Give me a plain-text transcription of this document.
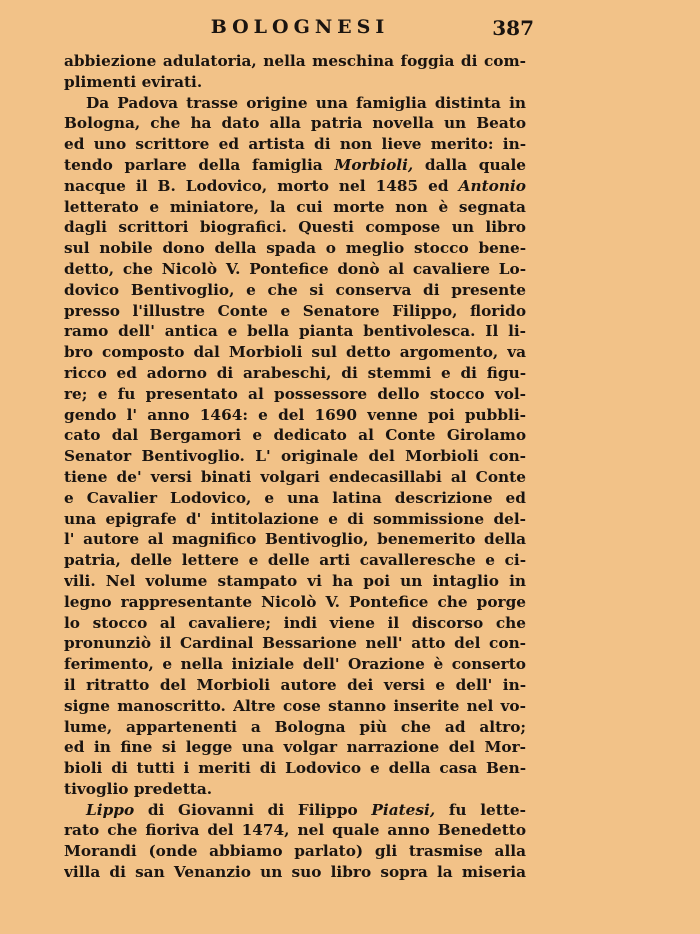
BOLOGNESI	387
abbiezione adulatoria, nella meschina foggia di com-
plimenti evirati.
Da Padova trasse origine una famiglia distinta in
Bologna, che ha dato alla patria novella un Beato
ed uno scrittore ed artista di non lieve merito: in-
tendo parlare della famiglia Morbioli, dalla quale
nacque il B. Lodovico, morto nel 1485 ed Antonio
letterato e miniatore, la cui morte non è segnata
dagli scrittori biografici. Questi compose un libro
sul nobile dono della spada o meglio stocco bene-
detto, che Nicolò V. Pontefice donò al cavaliere Lo-
dovico Bentivoglio, e che si conserva di presente
presso l'illustre Conte e Senatore Filippo, florido
ramo dell' antica e bella pianta bentivolesca. Il li-
bro composto dal Morbioli sul detto argomento, va
ricco ed adorno di arabeschi, di stemmi e di figu-
re; e fu presentato al possessore dello stocco vol-
gendo l' anno 1464: e del 1690 venne poi pubbli-
cato dal Bergamori e dedicato al Conte Girolamo
Senator Bentivoglio. L' originale del Morbioli con-
tiene de' versi binati volgari endecasillabi al Conte
e Cavalier Lodovico, e una latina descrizione ed
una epigrafe d' intitolazione e di sommissione del-
l' autore al magnifico Bentivoglio, benemerito della
patria, delle lettere e delle arti cavalleresche e ci-
vili. Nel volume stampato vi ha poi un intaglio in
legno rappresentante Nicolò V. Pontefice che porge
lo stocco al cavaliere; indi viene il discorso che
pronunziò il Cardinal Bessarione nell' atto del con-
ferimento, e nella iniziale dell' Orazione è conserto
il ritratto del Morbioli autore dei versi e dell' in-
signe manoscritto. Altre cose stanno inserite nel vo-
lume, appartenenti a Bologna più che ad altro;
ed in fine si legge una volgar narrazione del Mor-
bioli di tutti i meriti di Lodovico e della casa Ben-
tivoglio predetta.
Lippo di Giovanni di Filippo Piatesi, fu lette-
rato che fioriva del 1474, nel quale anno Benedetto
Morandi (onde abbiamo parlato) gli trasmise alla
villa di san Venanzio un suo libro sopra la miseria
